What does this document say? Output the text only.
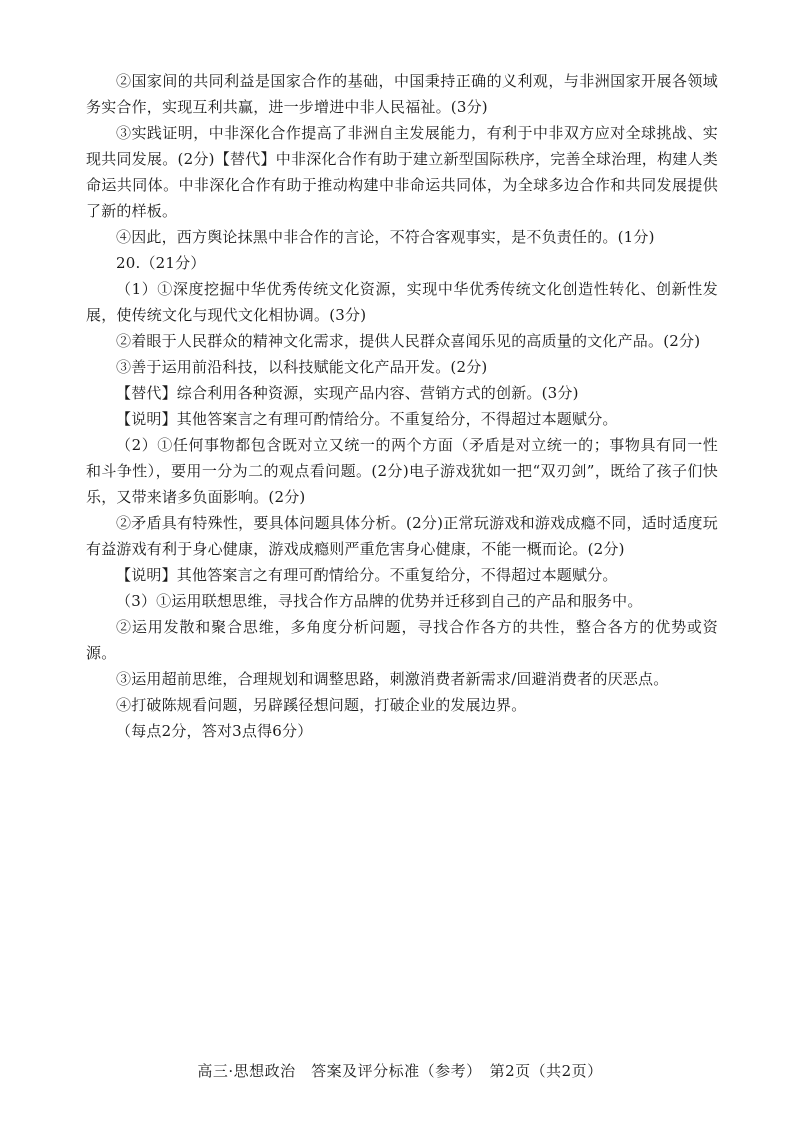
②国家间的共同利益是国家合作的基础，中国秉持正确的义利观，与非洲国家开展各领域务实合作，实现互利共赢，进一步增进中非人民福祉。(3分)

③实践证明，中非深化合作提高了非洲自主发展能力，有利于中非双方应对全球挑战、实现共同发展。(2分)【替代】中非深化合作有助于建立新型国际秩序，完善全球治理，构建人类命运共同体。中非深化合作有助于推动构建中非命运共同体，为全球多边合作和共同发展提供了新的样板。

④因此，西方舆论抹黑中非合作的言论，不符合客观事实，是不负责任的。(1分)

20.（21分）

（1）①深度挖掘中华优秀传统文化资源，实现中华优秀传统文化创造性转化、创新性发展，使传统文化与现代文化相协调。(3分)

②着眼于人民群众的精神文化需求，提供人民群众喜闻乐见的高质量的文化产品。(2分)

③善于运用前沿科技，以科技赋能文化产品开发。(2分)

【替代】综合利用各种资源，实现产品内容、营销方式的创新。(3分)

【说明】其他答案言之有理可酌情给分。不重复给分，不得超过本题赋分。

（2）①任何事物都包含既对立又统一的两个方面（矛盾是对立统一的；事物具有同一性和斗争性），要用一分为二的观点看问题。(2分)电子游戏犹如一把“双刃剑”，既给了孩子们快乐，又带来诸多负面影响。(2分)

②矛盾具有特殊性，要具体问题具体分析。(2分)正常玩游戏和游戏成瘾不同，适时适度玩有益游戏有利于身心健康，游戏成瘾则严重危害身心健康，不能一概而论。(2分)

【说明】其他答案言之有理可酌情给分。不重复给分，不得超过本题赋分。

（3）①运用联想思维，寻找合作方品牌的优势并迁移到自己的产品和服务中。

②运用发散和聚合思维，多角度分析问题，寻找合作各方的共性，整合各方的优势或资源。

③运用超前思维，合理规划和调整思路，刺激消费者新需求/回避消费者的厌恶点。

④打破陈规看问题，另辟蹊径想问题，打破企业的发展边界。

（每点2分，答对3点得6分）

高三·思想政治　答案及评分标准（参考）　第2页（共2页）
